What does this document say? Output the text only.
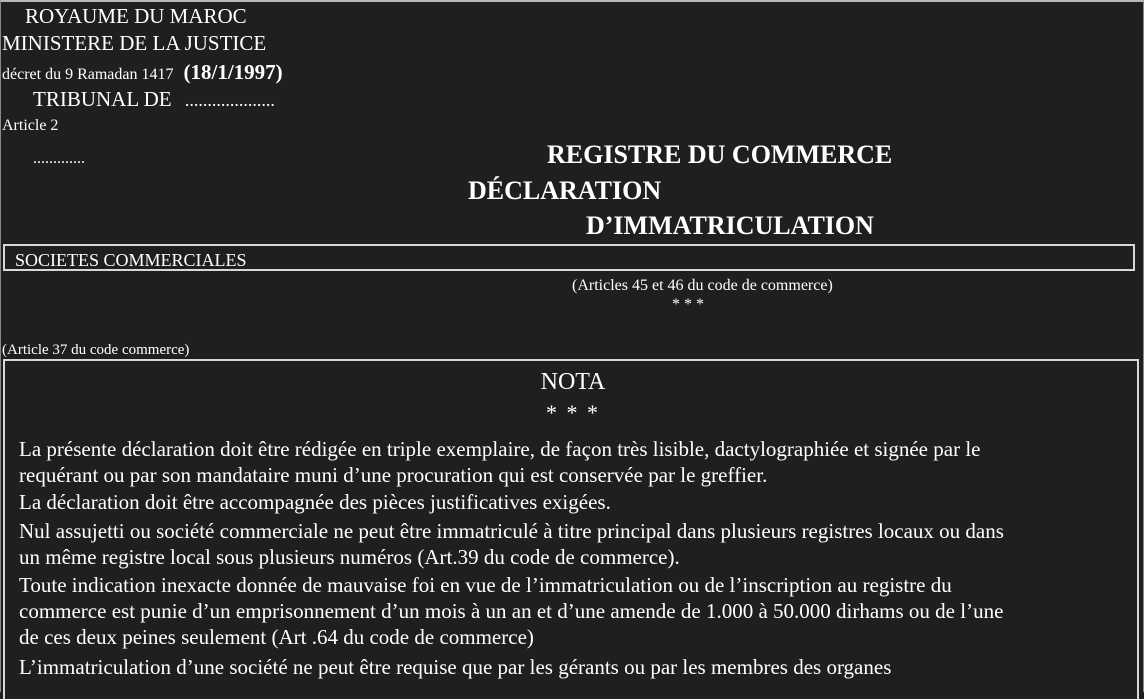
ROYAUME DU MAROC
MINISTERE DE LA JUSTICE
décret du 9 Ramadan 1417 (18/1/1997)
TRIBUNAL DE ....................
Article 2
.............	REGISTRE DU COMMERCE
DÉCLARATION
D’IMMATRICULATION
SOCIETES COMMERCIALES
(Articles 45 et 46 du code de commerce)
* * *
(Article 37 du code commerce)
NOTA
* * *
La présente déclaration doit être rédigée en triple exemplaire, de façon très lisible, dactylographiée et signée par le
requérant ou par son mandataire muni d’une procuration qui est conservée par le greffier.
La déclaration doit être accompagnée des pièces justificatives exigées.
Nul assujetti ou société commerciale ne peut être immatriculé à titre principal dans plusieurs registres locaux ou dans
un même registre local sous plusieurs numéros (Art.39 du code de commerce).
Toute indication inexacte donnée de mauvaise foi en vue de l’immatriculation ou de l’inscription au registre du
commerce est punie d’un emprisonnement d’un mois à un an et d’une amende de 1.000 à 50.000 dirhams ou de l’une
de ces deux peines seulement (Art .64 du code de commerce)
L’immatriculation d’une société ne peut être requise que par les gérants ou par les membres des organes
